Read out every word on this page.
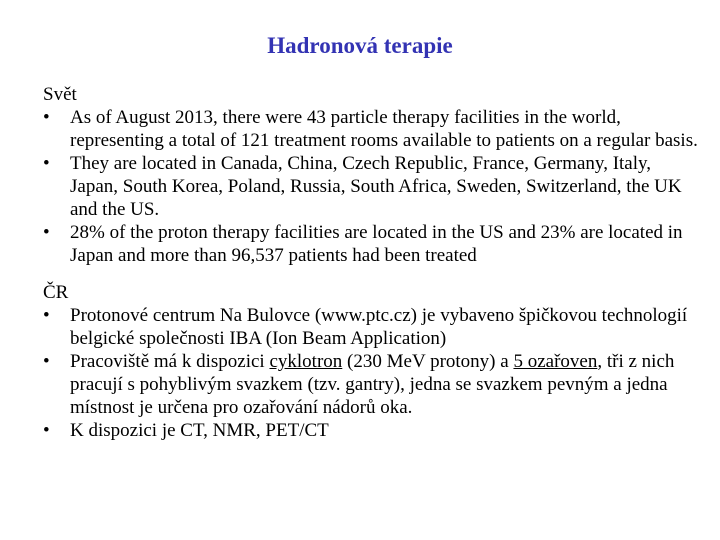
Hadronová terapie
Svět
•	As of August 2013, there were 43 particle therapy facilities in the world, representing a total of 121 treatment rooms available to patients on a regular basis.
•	They are located in Canada, China, Czech Republic, France, Germany, Italy, Japan, South Korea, Poland, Russia, South Africa, Sweden, Switzerland, the UK and the US.
•	28% of the proton therapy facilities are located in the US and 23% are located in Japan and more than 96,537 patients had been treated
ČR
•	Protonové centrum Na Bulovce (www.ptc.cz) je vybaveno špičkovou technologií belgické společnosti IBA (Ion Beam Application)
•	Pracoviště má k dispozici cyklotron (230 MeV protony) a 5 ozařoven, tři z nich pracují s pohyblivým svazkem (tzv. gantry), jedna se svazkem pevným a jedna místnost je určena pro ozařování nádorů oka.
•	K dispozici je CT, NMR, PET/CT
